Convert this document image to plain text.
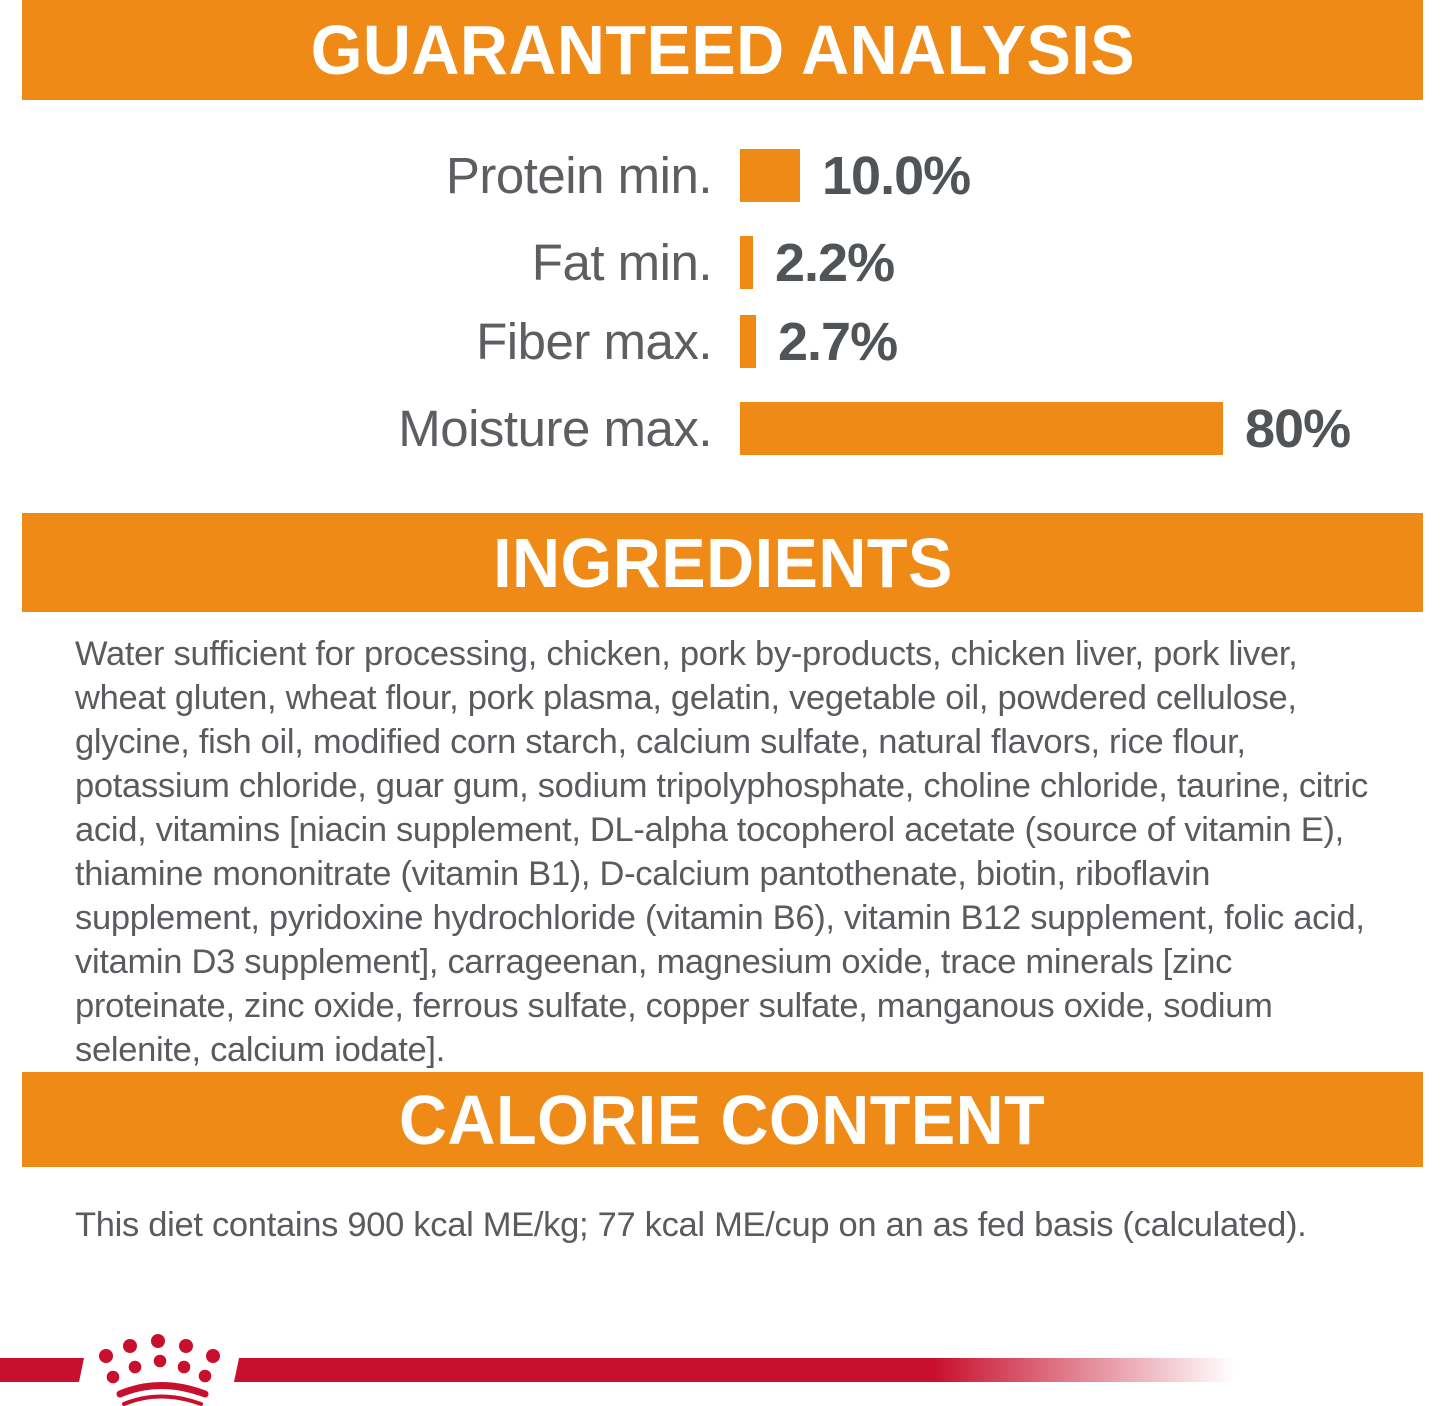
GUARANTEED ANALYSIS
Protein min.	10.0%
Fat min.	2.2%
Fiber max.	2.7%
Moisture max.	80%
INGREDIENTS
Water sufficient for processing, chicken, pork by-products, chicken liver, pork liver, wheat gluten, wheat flour, pork plasma, gelatin, vegetable oil, powdered cellulose, glycine, fish oil, modified corn starch, calcium sulfate, natural flavors, rice flour, potassium chloride, guar gum, sodium tripolyphosphate, choline chloride, taurine, citric acid, vitamins [niacin supplement, DL-alpha tocopherol acetate (source of vitamin E), thiamine mononitrate (vitamin B1), D-calcium pantothenate, biotin, riboflavin supplement, pyridoxine hydrochloride (vitamin B6), vitamin B12 supplement, folic acid, vitamin D3 supplement], carrageenan, magnesium oxide, trace minerals [zinc proteinate, zinc oxide, ferrous sulfate, copper sulfate, manganous oxide, sodium selenite, calcium iodate].
CALORIE CONTENT
This diet contains 900 kcal ME/kg; 77 kcal ME/cup on an as fed basis (calculated).
